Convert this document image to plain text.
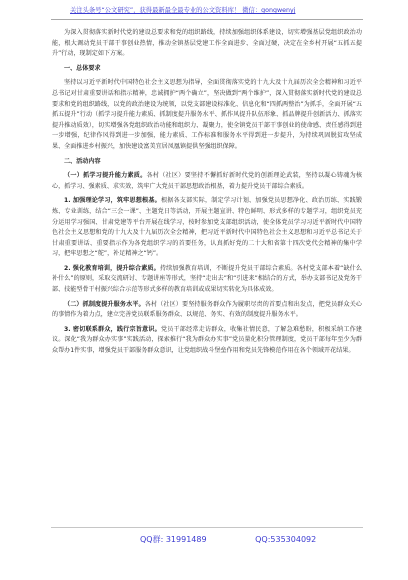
关注头条号“公文研究”，获得最新最全最专业的公文资料库！ 微信：gongwenyj

为深入贯彻落实新时代党的建设总要求和党的组织路线，持续加强组织体系建设，切实增强基层党组织政治功能，根大调动党员干部干事创业热情，推动全镇基层党建工作全面进步、全面过硬，决定在全乡村开展“五抓五提升”行动，现制定如下方案。

一、总体要求

坚持以习近平新时代中国特色社会主义思想为指导，全面贯彻落实党的十九大及十九届历次全会精神和习近平总书记对甘肃重要讲话和指示精神，忠诚拥护“两个确立”，坚决做到“两个维护”，深入贯彻落实新时代党的建设总要求和党的组织路线，以党的政治建设为统领，以党支部建设标准化、信息化和“四抓两整治”为抓手，全面开展“五抓五提升”行动（抓学习提升能力素质、抓制度提升服务水平、抓作风提升队伍形象、抓品牌提升创新活力、抓落实提升推动质效），切实增强各党组织政治功能和组织力、凝聚力，使全镇党员干部干事创业的使命感、责任感得到进一步增强，纪律作风得到进一步加强，能力素质、工作标准和服务水平得到进一步提升，为持续巩固脱贫攻坚成果、全面推进乡村振兴，加快建设富美宜居凤凰镇提供坚强组织保障。

二、活动内容

（一）抓学习提升能力素质。各村（社区）要坚持不懈抓好新时代党的创新理论武装，坚持以凝心铸魂为核心，抓学习、强素质、求实效，筑牢广大党员干部思想政治根基，着力提升党员干部综合素质。

1. 加强理论学习，筑牢思想根基。根据各支部实际，制定学习计划、加强党员思想净化、政治历练、实践锻炼、专业训练，结合“三会一课”、主题党日等活动，开展主题宣讲、特色鲜明、形式多样的专题学习，组织党员充分运用学习强国、甘肃党建等平台开展在线学习，按时参加党支部组织活动，使全体党员学习习近平新时代中国特色社会主义思想和党的十九大及十九届历次全会精神，把习近平新时代中国特色社会主义思想和习近平总书记关于甘肃重要讲话、重要指示作为各党组织学习的首要任务，认真抓好党的二十大和省第十四次党代会精神的集中学习，把牢思想之“舵”，补足精神之“钙”。

2. 强化教育培训，提升综合素质。持续加强教育培训，不断提升党员干部综合素质。各村党支部本着“缺什么补什么”的原则，采取交流研讨、专题讲座等形式，坚持“走出去”和“引进来”相结合的方式，举办支部书记及党务干部、技能型骨干村振兴综合示范等形式多样的教育培训或成果切实转化为具体成效。

（二）抓制度提升服务水平。各村（社区）要坚持服务群众作为履职尽责的首要点和出发点，把党员群众关心的事情作为着力点，建立完善党员联系服务群众、以规范、务实、有效的制度提升服务水平。

3. 密切联系群众，践行宗旨意识。党员干部经常走访群众，收集社情民意，了解急难愁盼，积极采纳工作建议。深化“我为群众办实事”实践活动，探索推行“我为群众办实事”党员量化积分管理制度，党员干部每年至少为群众帮办1件实事，增强党员干部服务群众意识，让党组织战斗堡垒作用和党员先锋模范作用在各个领域开花结果。

QQ群: 31991489	QQ:535304092
